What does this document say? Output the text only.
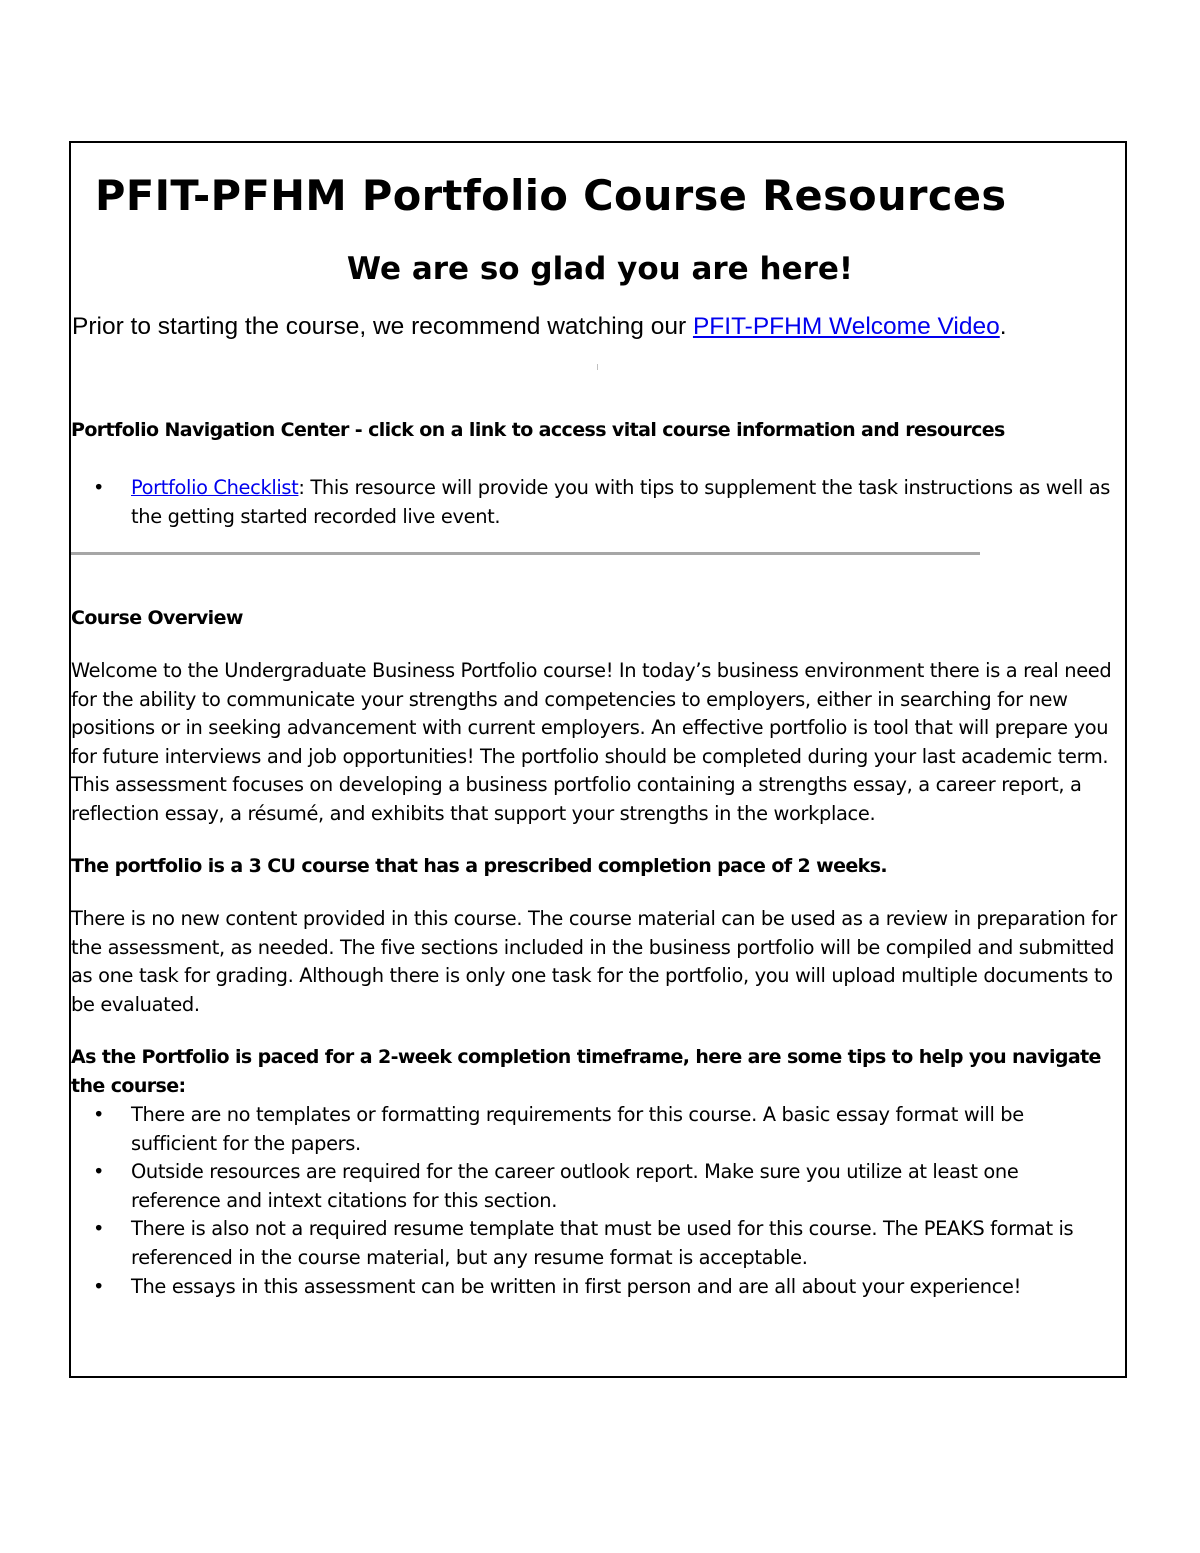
PFIT-PFHM Portfolio Course Resources
We are so glad you are here!

Prior to starting the course, we recommend watching our PFIT-PFHM Welcome Video.

Portfolio Navigation Center - click on a link to access vital course information and resources
• Portfolio Checklist: This resource will provide you with tips to supplement the task instructions as well as the getting started recorded live event.
Course Overview

Welcome to the Undergraduate Business Portfolio course! In today’s business environment there is a real need for the ability to communicate your strengths and competencies to employers, either in searching for new positions or in seeking advancement with current employers. An effective portfolio is tool that will prepare you for future interviews and job opportunities! The portfolio should be completed during your last academic term. This assessment focuses on developing a business portfolio containing a strengths essay, a career report, a reflection essay, a résumé, and exhibits that support your strengths in the workplace.

The portfolio is a 3 CU course that has a prescribed completion pace of 2 weeks.

There is no new content provided in this course. The course material can be used as a review in preparation for the assessment, as needed. The five sections included in the business portfolio will be compiled and submitted as one task for grading. Although there is only one task for the portfolio, you will upload multiple documents to be evaluated.

As the Portfolio is paced for a 2-week completion timeframe, here are some tips to help you navigate the course:
• There are no templates or formatting requirements for this course. A basic essay format will be sufficient for the papers.
• Outside resources are required for the career outlook report. Make sure you utilize at least one reference and intext citations for this section.
• There is also not a required resume template that must be used for this course. The PEAKS format is referenced in the course material, but any resume format is acceptable.
• The essays in this assessment can be written in first person and are all about your experience!
